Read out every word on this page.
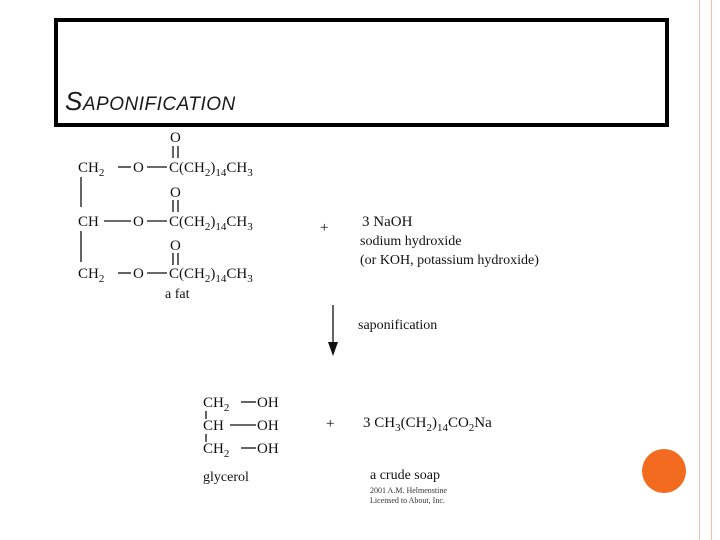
SAPONIFICATION
$CH_2$ O $C(CH_2)_{14}CH_3$
O
CH O $C(CH_2)_{14}CH_3$
O
$CH_2$ O $C(CH_2)_{14}CH_3$
O
a fat
+ 3 NaOH
sodium hydroxide
(or KOH, potassium hydroxide)
saponification
$CH_2$ OH
CH OH
$CH_2$ OH
glycerol
+ 3 $CH_3(CH_2)_{14}CO_2Na$
a crude soap
2001 A.M. Helmenstine
Licensed to About, Inc.
